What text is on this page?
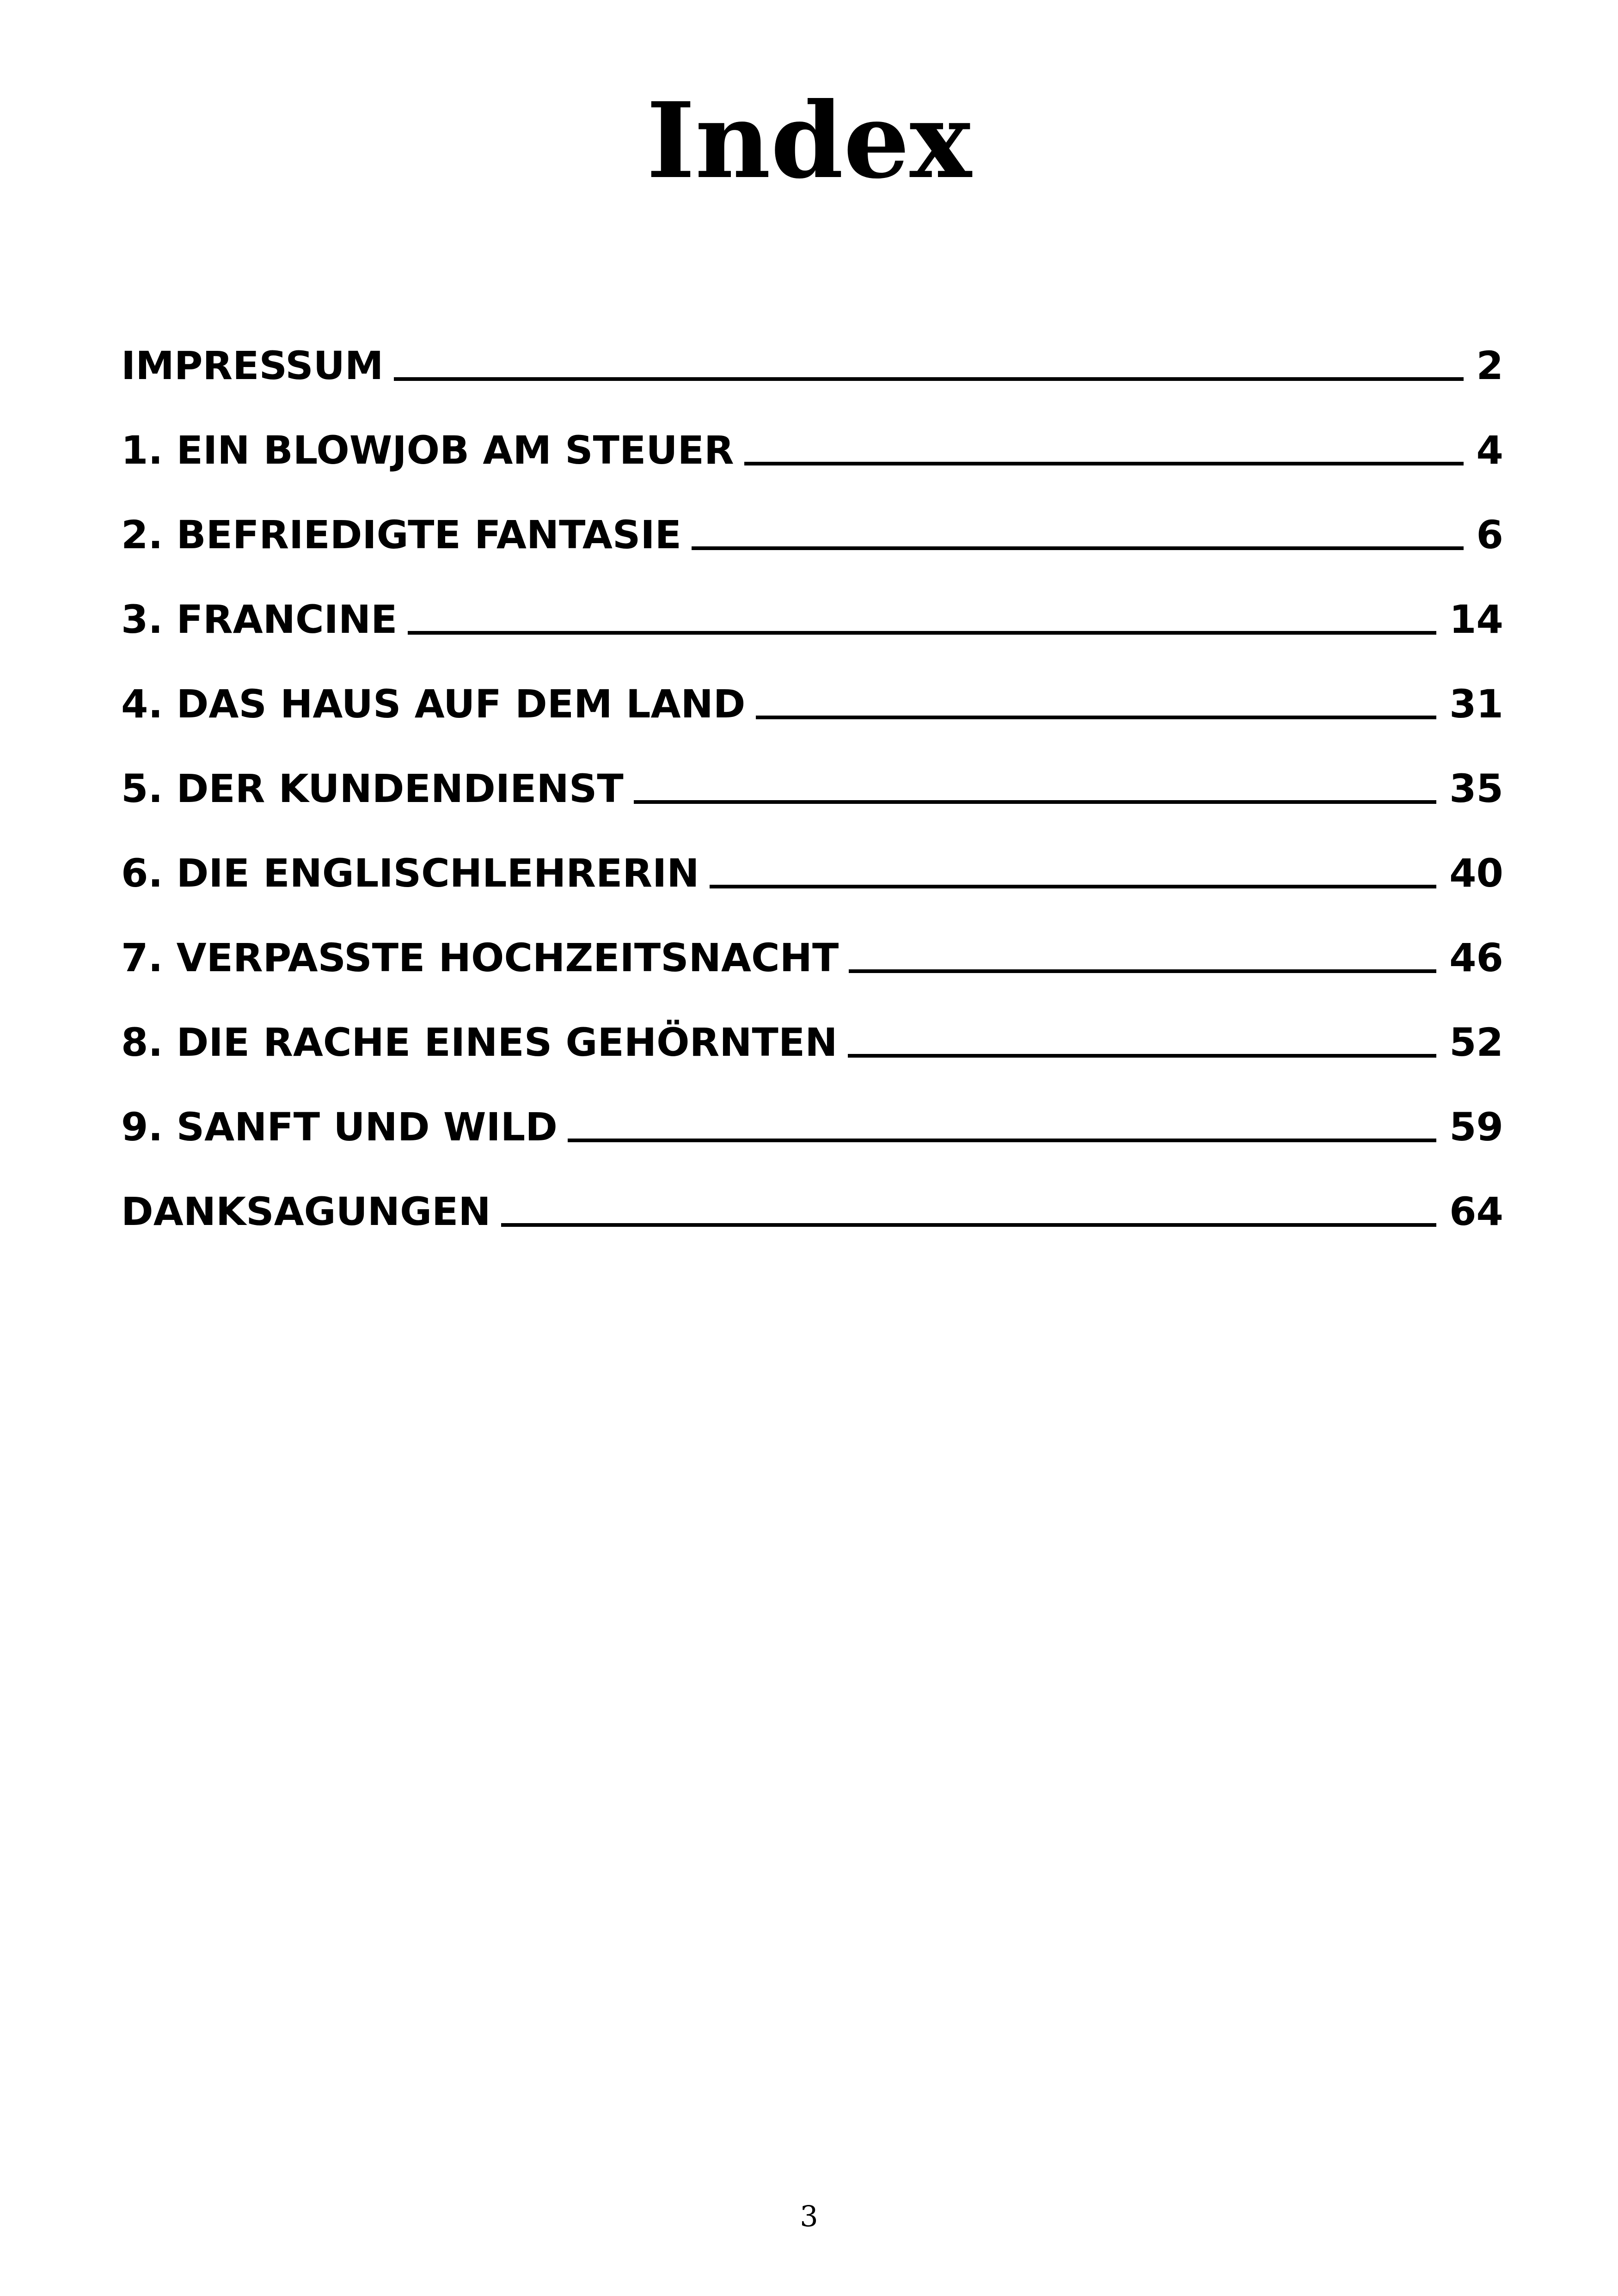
Index
IMPRESSUM	2
1. EIN BLOWJOB AM STEUER	4
2. BEFRIEDIGTE FANTASIE	6
3. FRANCINE	14
4. DAS HAUS AUF DEM LAND	31
5. DER KUNDENDIENST	35
6. DIE ENGLISCHLEHRERIN	40
7. VERPASSTE HOCHZEITSNACHT	46
8. DIE RACHE EINES GEHÖRNTEN	52
9. SANFT UND WILD	59
DANKSAGUNGEN	64
3
